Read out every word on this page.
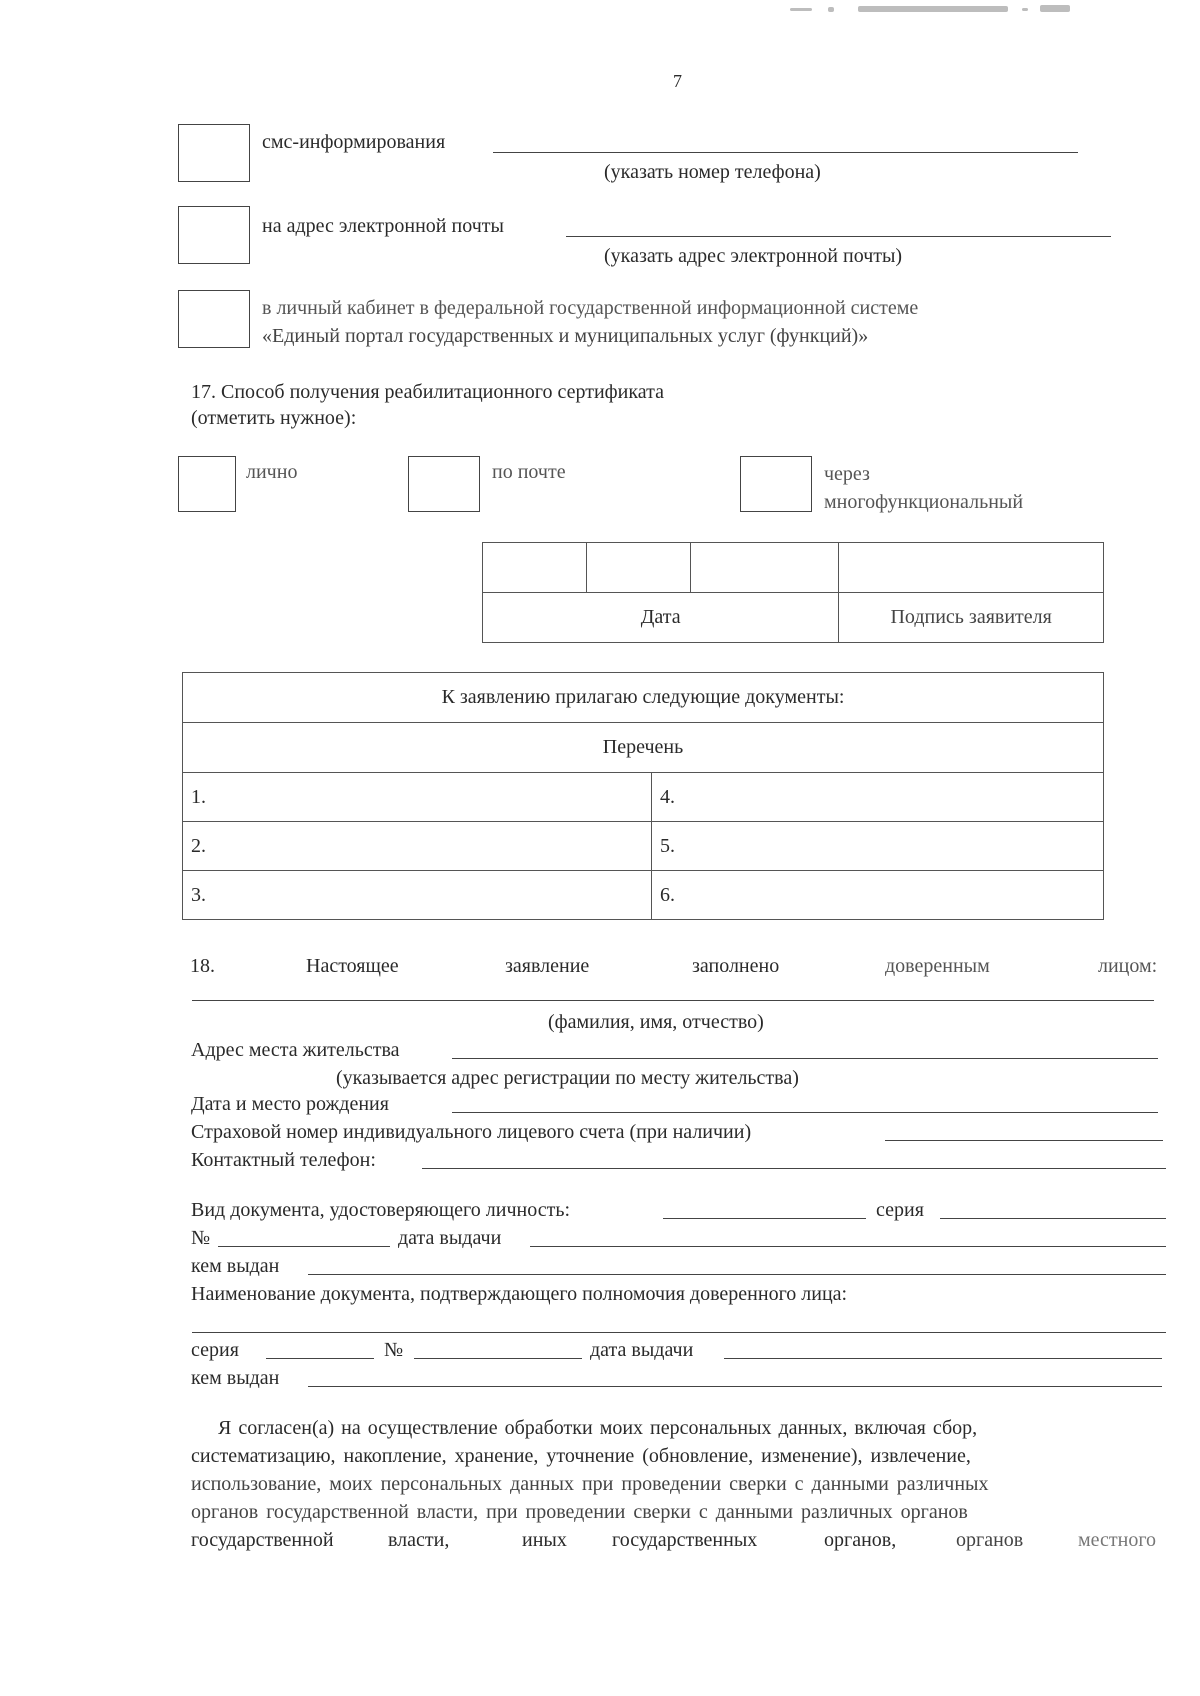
7
смс-информирования
(указать номер телефона)
на адрес электронной почты
(указать адрес электронной почты)
в личный кабинет в федеральной государственной информационной системе
«Единый портал государственных и муниципальных услуг (функций)»
17. Способ получения реабилитационного сертификата
(отметить нужное):
лично	по почте	через
многофункциональный

Дата			Подпись заявителя
К заявлению прилагаю следующие документы:	
Перечень	
1.	4.
2.	5.
3.	6.
18.	Настоящее	заявление	заполнено	доверенным	лицом:
(фамилия, имя, отчество)
Адрес места жительства
(указывается адрес регистрации по месту жительства)
Дата и место рождения
Страховой номер индивидуального лицевого счета (при наличии)
Контактный телефон:
Вид документа, удостоверяющего личность:	серия
№	дата выдачи
кем выдан
Наименование документа, подтверждающего полномочия доверенного лица:
серия	№	дата выдачи
кем выдан
Я согласен(а) на осуществление обработки моих персональных данных, включая сбор,
систематизацию, накопление, хранение, уточнение (обновление, изменение), извлечение,
использование, моих персональных данных при проведении сверки с данными различных
органов государственной власти, при проведении сверки с данными различных органов
государственной	власти,	иных государственных	органов,	органов	местного
